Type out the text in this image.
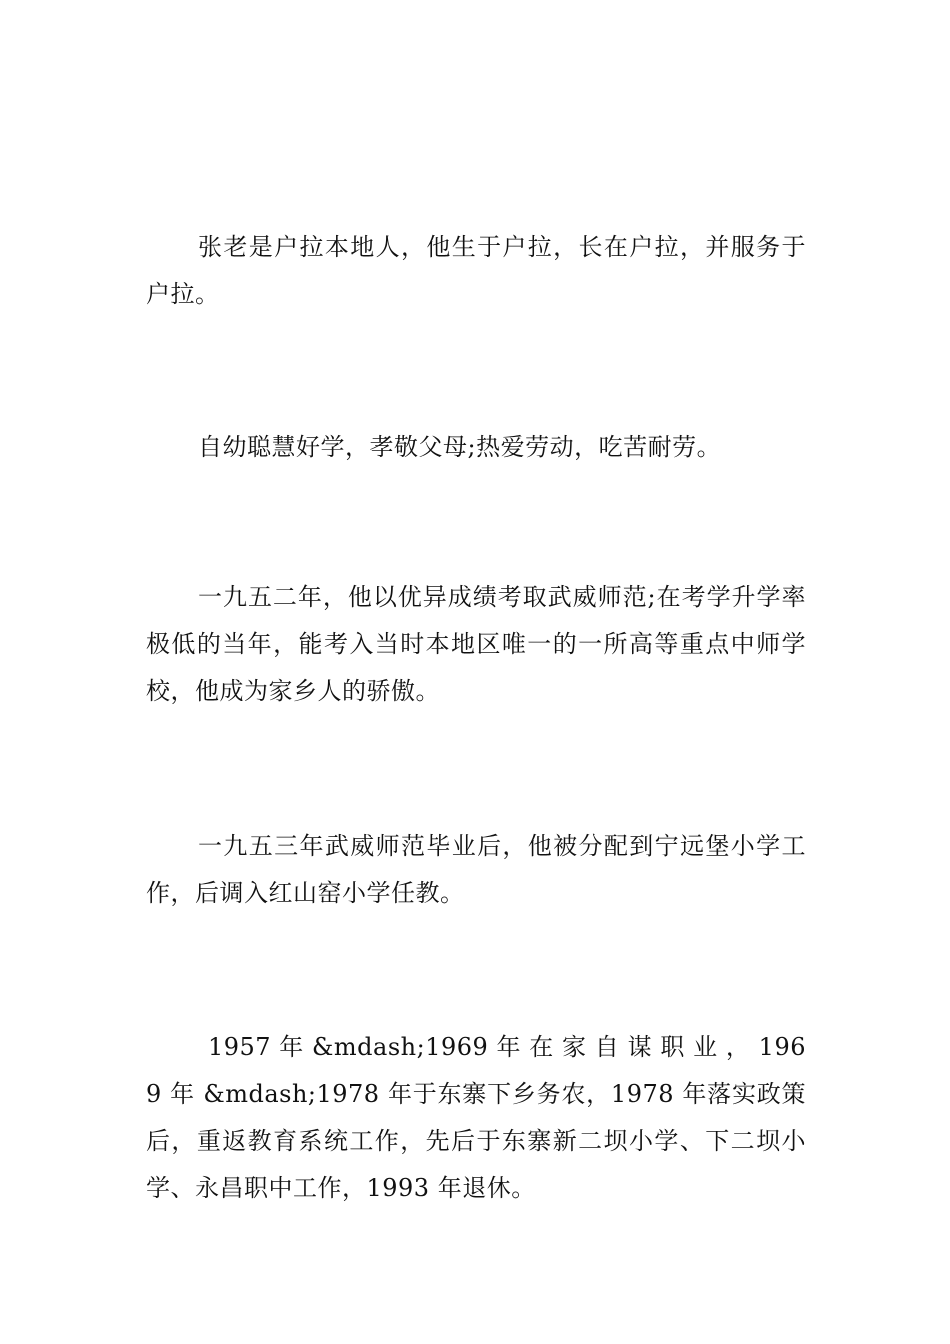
张老是户拉本地人，他生于户拉，长在户拉，并服务于户拉。

自幼聪慧好学，孝敬父母;热爱劳动，吃苦耐劳。

一九五二年，他以优异成绩考取武威师范;在考学升学率极低的当年，能考入当时本地区唯一的一所高等重点中师学校，他成为家乡人的骄傲。

一九五三年武威师范毕业后，他被分配到宁远堡小学工作，后调入红山窑小学任教。

1957 年 &mdash;1969 年 在 家 自 谋 职 业 ， 1969 年 &mdash;1978 年于东寨下乡务农，1978 年落实政策后，重返教育系统工作，先后于东寨新二坝小学、下二坝小学、永昌职中工作，1993 年退休。
